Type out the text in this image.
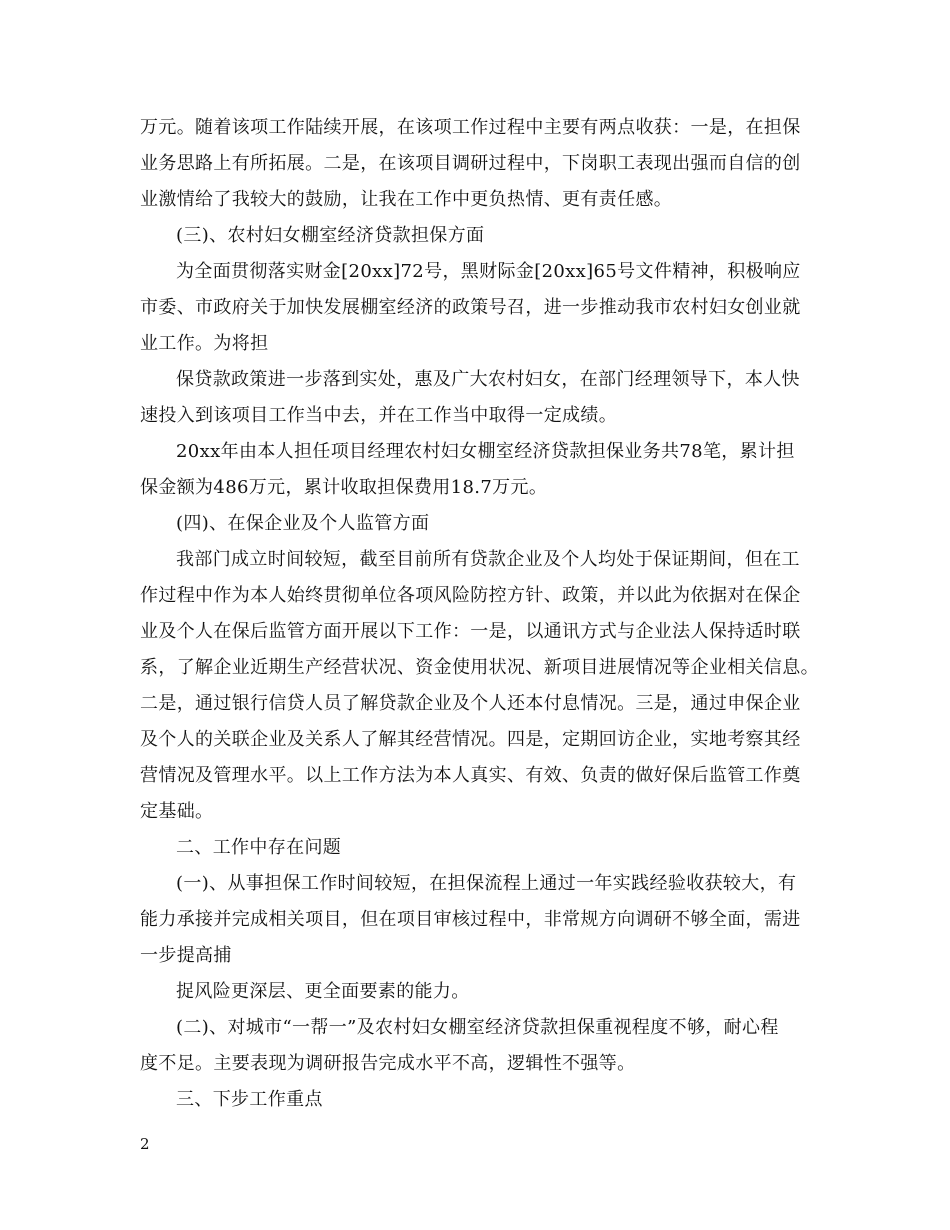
万元。随着该项工作陆续开展，在该项工作过程中主要有两点收获：一是，在担保
业务思路上有所拓展。二是，在该项目调研过程中，下岗职工表现出强而自信的创
业激情给了我较大的鼓励，让我在工作中更负热情、更有责任感。
(三)、农村妇女棚室经济贷款担保方面
为全面贯彻落实财金[20xx]72号，黑财际金[20xx]65号文件精神，积极响应
市委、市政府关于加快发展棚室经济的政策号召，进一步推动我市农村妇女创业就
业工作。为将担
保贷款政策进一步落到实处，惠及广大农村妇女，在部门经理领导下，本人快
速投入到该项目工作当中去，并在工作当中取得一定成绩。
20xx年由本人担任项目经理农村妇女棚室经济贷款担保业务共78笔，累计担
保金额为486万元，累计收取担保费用18.7万元。
(四)、在保企业及个人监管方面
我部门成立时间较短，截至目前所有贷款企业及个人均处于保证期间，但在工
作过程中作为本人始终贯彻单位各项风险防控方针、政策，并以此为依据对在保企
业及个人在保后监管方面开展以下工作：一是，以通讯方式与企业法人保持适时联
系，了解企业近期生产经营状况、资金使用状况、新项目进展情况等企业相关信息。
二是，通过银行信贷人员了解贷款企业及个人还本付息情况。三是，通过申保企业
及个人的关联企业及关系人了解其经营情况。四是，定期回访企业，实地考察其经
营情况及管理水平。以上工作方法为本人真实、有效、负责的做好保后监管工作奠
定基础。
二、工作中存在问题
(一)、从事担保工作时间较短，在担保流程上通过一年实践经验收获较大，有
能力承接并完成相关项目，但在项目审核过程中，非常规方向调研不够全面，需进
一步提高捕
捉风险更深层、更全面要素的能力。
(二)、对城市“一帮一”及农村妇女棚室经济贷款担保重视程度不够，耐心程
度不足。主要表现为调研报告完成水平不高，逻辑性不强等。
三、下步工作重点
2
